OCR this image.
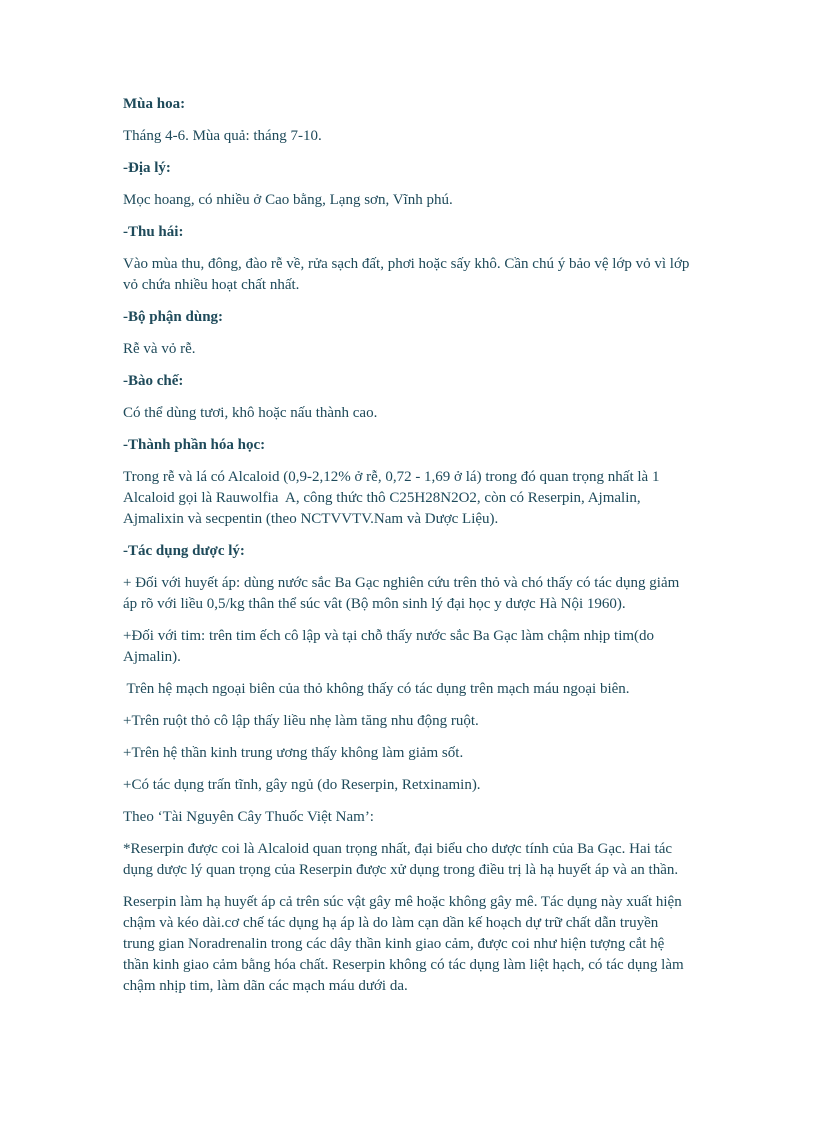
Mùa hoa:
Tháng 4-6. Mùa quả: tháng 7-10.
-Địa lý:
Mọc hoang, có nhiều ở Cao bằng, Lạng sơn, Vĩnh phú.
-Thu hái:
Vào mùa thu, đông, đào rễ về, rửa sạch đất, phơi hoặc sấy khô. Cần chú ý bảo vệ lớp vỏ vì lớp
vỏ chứa nhiều hoạt chất nhất.
-Bộ phận dùng:
Rễ và vỏ rễ.
-Bào chế:
Có thể dùng tươi, khô hoặc nấu thành cao.
-Thành phần hóa học:
Trong rễ và lá có Alcaloid (0,9-2,12% ở rễ, 0,72 - 1,69 ở lá) trong đó quan trọng nhất là 1
Alcaloid gọi là Rauwolfia  A, công thức thô C25H28N2O2, còn có Reserpin, Ajmalin,
Ajmalixin và secpentin (theo NCTVVTV.Nam và Dược Liệu).
-Tác dụng dược lý:
+ Đối với huyết áp: dùng nước sắc Ba Gạc nghiên cứu trên thỏ và chó thấy có tác dụng giảm
áp rõ với liều 0,5/kg thân thể súc vât (Bộ môn sinh lý đại học y dược Hà Nội 1960).
+Đối với tim: trên tim ếch cô lập và tại chỗ thấy nước sắc Ba Gạc làm chậm nhịp tim(do
Ajmalin).
Trên hệ mạch ngoại biên của thỏ không thấy có tác dụng trên mạch máu ngoại biên.
+Trên ruột thỏ cô lập thấy liều nhẹ làm tăng nhu động ruột.
+Trên hệ thần kinh trung ương thấy không làm giảm sốt.
+Có tác dụng trấn tĩnh, gây ngủ (do Reserpin, Retxinamin).
Theo ‘Tài Nguyên Cây Thuốc Việt Nam’:
*Reserpin được coi là Alcaloid quan trọng nhất, đại biểu cho dược tính của Ba Gạc. Hai tác
dụng dược lý quan trọng của Reserpin được xử dụng trong điều trị là hạ huyết áp và an thần.
Reserpin làm hạ huyết áp cả trên súc vật gây mê hoặc không gây mê. Tác dụng này xuất hiện
chậm và kéo dài.cơ chế tác dụng hạ áp là do làm cạn dần kế hoạch dự trữ chất dẫn truyền
trung gian Noradrenalin trong các dây thần kinh giao cảm, được coi như hiện tượng cắt hệ
thần kinh giao cảm bằng hóa chất. Reserpin không có tác dụng làm liệt hạch, có tác dụng làm
chậm nhịp tim, làm dãn các mạch máu dưới da.
